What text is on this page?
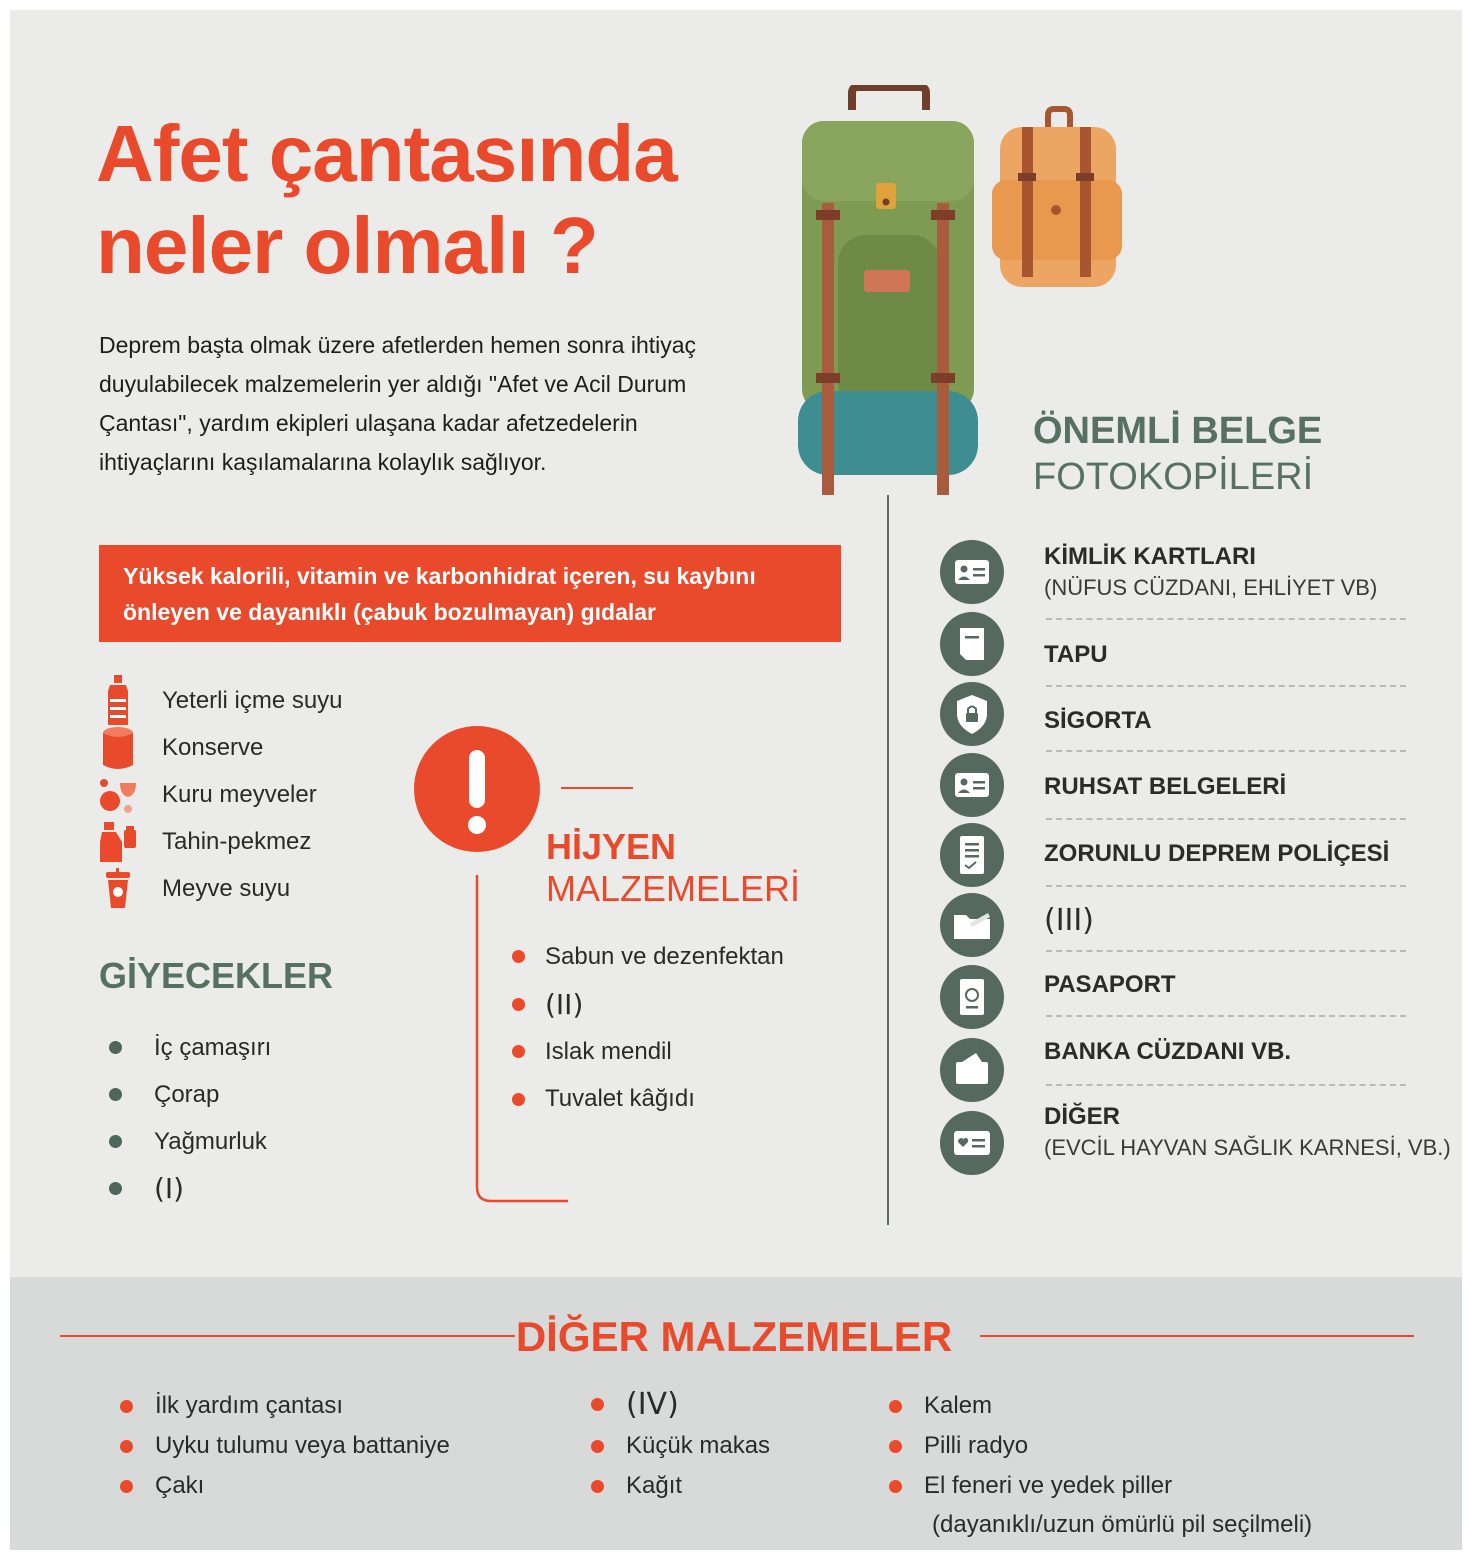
Afet çantasında
neler olmalı ?

Deprem başta olmak üzere afetlerden hemen sonra ihtiyaç duyulabilecek malzemelerin yer aldığı "Afet ve Acil Durum Çantası", yardım ekipleri ulaşana kadar afetzedelerin ihtiyaçlarını kaşılamalarına kolaylık sağlıyor.

Yüksek kalorili, vitamin ve karbonhidrat içeren, su kaybını önleyen ve dayanıklı (çabuk bozulmayan) gıdalar

Yeterli içme suyu
Konserve
Kuru meyveler
Tahin-pekmez
Meyve suyu
GİYECEKLER
İç çamaşırı
Çorap
Yağmurluk
(I)
HİJYEN
MALZEMELERİ
Sabun ve dezenfektan
(II)
Islak mendil
Tuvalet kâğıdı
ÖNEMLİ BELGE
FOTOKOPİLERİ
KİMLİK KARTLARI
(NÜFUS CÜZDANI, EHLİYET VB)
TAPU
SİGORTA
RUHSAT BELGELERİ
ZORUNLU DEPREM POLİÇESİ
(III)
PASAPORT
BANKA CÜZDANI VB.
DİĞER
(EVCİL HAYVAN SAĞLIK KARNESİ, VB.)
DİĞER MALZEMELER
İlk yardım çantası
Uyku tulumu veya battaniye
Çakı
(IV)
Küçük makas
Kağıt
Kalem
Pilli radyo
El feneri ve yedek piller
(dayanıklı/uzun ömürlü pil seçilmeli)
